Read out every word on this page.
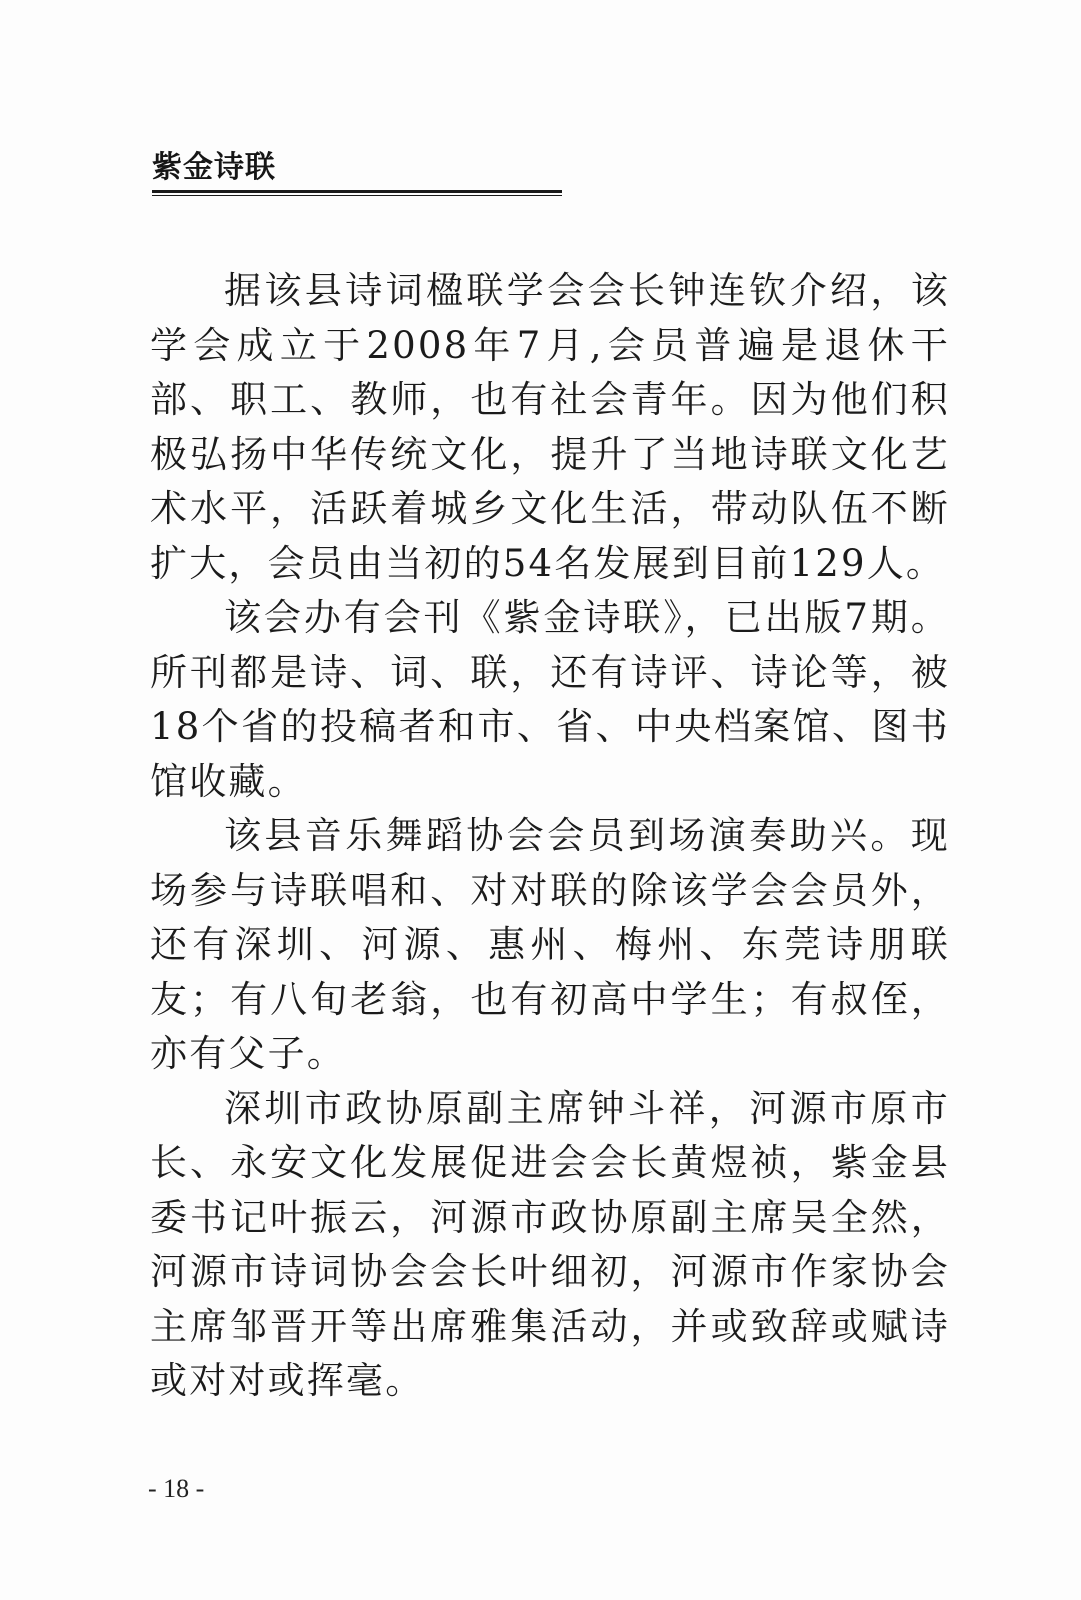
紫金诗联

据该县诗词楹联学会会长钟连钦介绍，该学会成立于2008年7月,会员普遍是退休干部、职工、教师，也有社会青年。因为他们积极弘扬中华传统文化，提升了当地诗联文化艺术水平，活跃着城乡文化生活，带动队伍不断扩大，会员由当初的54名发展到目前129人。

该会办有会刊《紫金诗联》，已出版7期。所刊都是诗、词、联，还有诗评、诗论等，被18个省的投稿者和市、省、中央档案馆、图书馆收藏。

该县音乐舞蹈协会会员到场演奏助兴。现场参与诗联唱和、对对联的除该学会会员外，还有深圳、河源、惠州、梅州、东莞诗朋联友；有八旬老翁，也有初高中学生；有叔侄，亦有父子。

深圳市政协原副主席钟斗祥，河源市原市长、永安文化发展促进会会长黄煜祯，紫金县委书记叶振云，河源市政协原副主席吴全然，河源市诗词协会会长叶细初，河源市作家协会主席邹晋开等出席雅集活动，并或致辞或赋诗或对对或挥毫。

- 18 -
